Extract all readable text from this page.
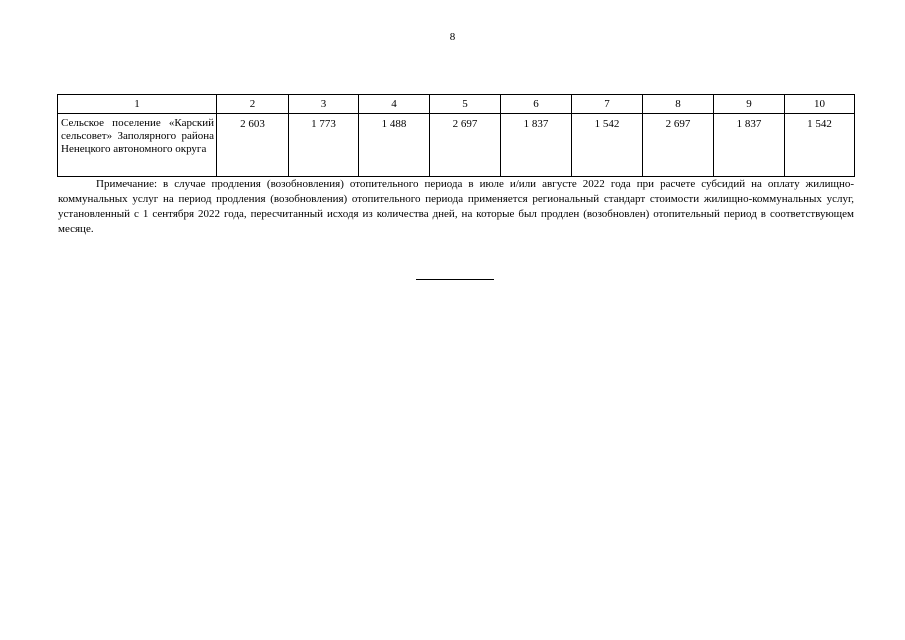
8
1	2	3	4	5	6	7	8	9	10
Сельское поселение «Карский сельсовет» Заполярного района Ненецкого автономного округа	2 603	1 773	1 488	2 697	1 837	1 542	2 697	1 837	1 542
Примечание: в случае продления (возобновления) отопительного периода в июле и/или августе 2022 года при расчете субсидий на оплату жилищно-коммунальных услуг на период продления (возобновления) отопительного периода применяется региональный стандарт стоимости жилищно-коммунальных услуг, установленный с 1 сентября 2022 года, пересчитанный исходя из количества дней, на которые был продлен (возобновлен) отопительный период в соответствующем месяце.
